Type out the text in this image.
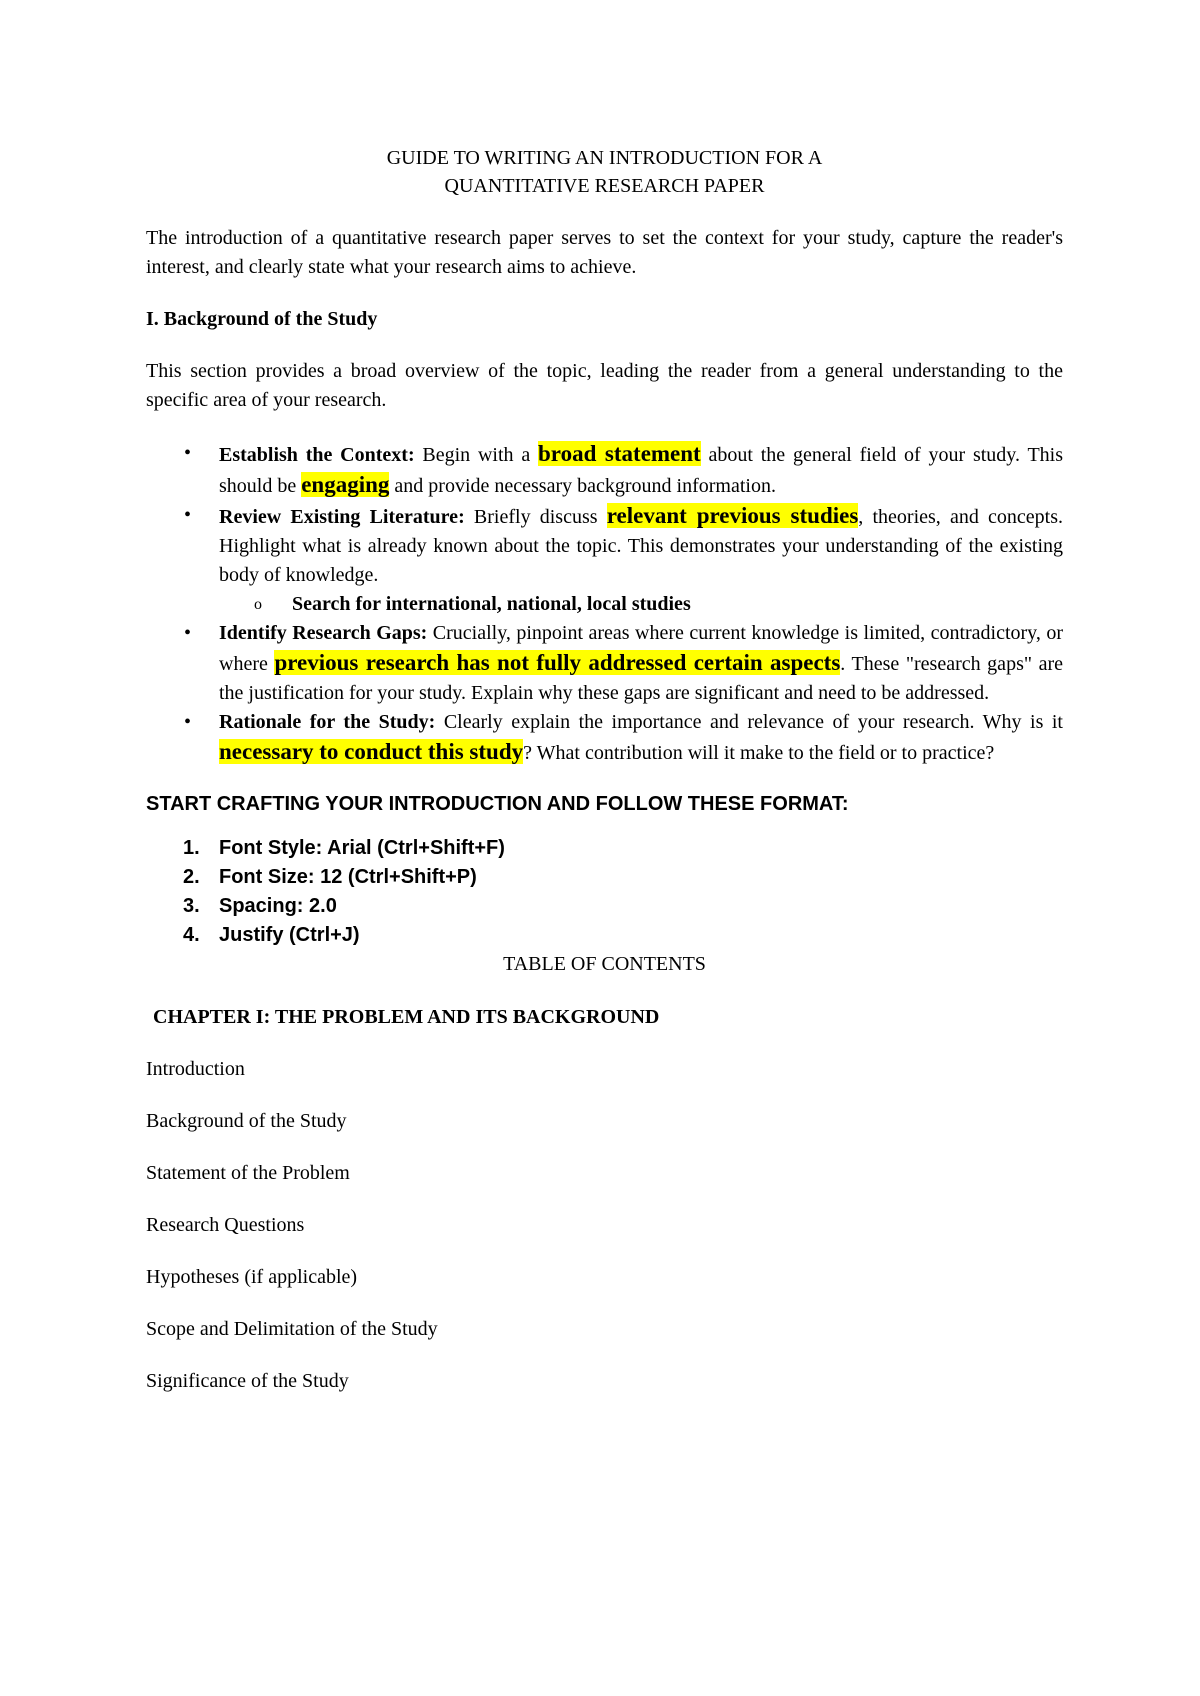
GUIDE TO WRITING AN INTRODUCTION FOR A

QUANTITATIVE RESEARCH PAPER

The introduction of a quantitative research paper serves to set the context for your study, capture the reader's interest, and clearly state what your research aims to achieve.

I. Background of the Study

This section provides a broad overview of the topic, leading the reader from a general understanding to the specific area of your research.

• Establish the Context: Begin with a broad statement about the general field of your study. This should be engaging and provide necessary background information.
• Review Existing Literature: Briefly discuss relevant previous studies, theories, and concepts. Highlight what is already known about the topic. This demonstrates your understanding of the existing body of knowledge.
o Search for international, national, local studies
• Identify Research Gaps: Crucially, pinpoint areas where current knowledge is limited, contradictory, or where previous research has not fully addressed certain aspects. These "research gaps" are the justification for your study. Explain why these gaps are significant and need to be addressed.
• Rationale for the Study: Clearly explain the importance and relevance of your research. Why is it necessary to conduct this study? What contribution will it make to the field or to practice?

START CRAFTING YOUR INTRODUCTION AND FOLLOW THESE FORMAT:

1. Font Style: Arial (Ctrl+Shift+F)
2. Font Size: 12 (Ctrl+Shift+P)
3. Spacing: 2.0
4. Justify (Ctrl+J)

TABLE OF CONTENTS

CHAPTER I: THE PROBLEM AND ITS BACKGROUND

Introduction

Background of the Study

Statement of the Problem

Research Questions

Hypotheses (if applicable)

Scope and Delimitation of the Study

Significance of the Study
